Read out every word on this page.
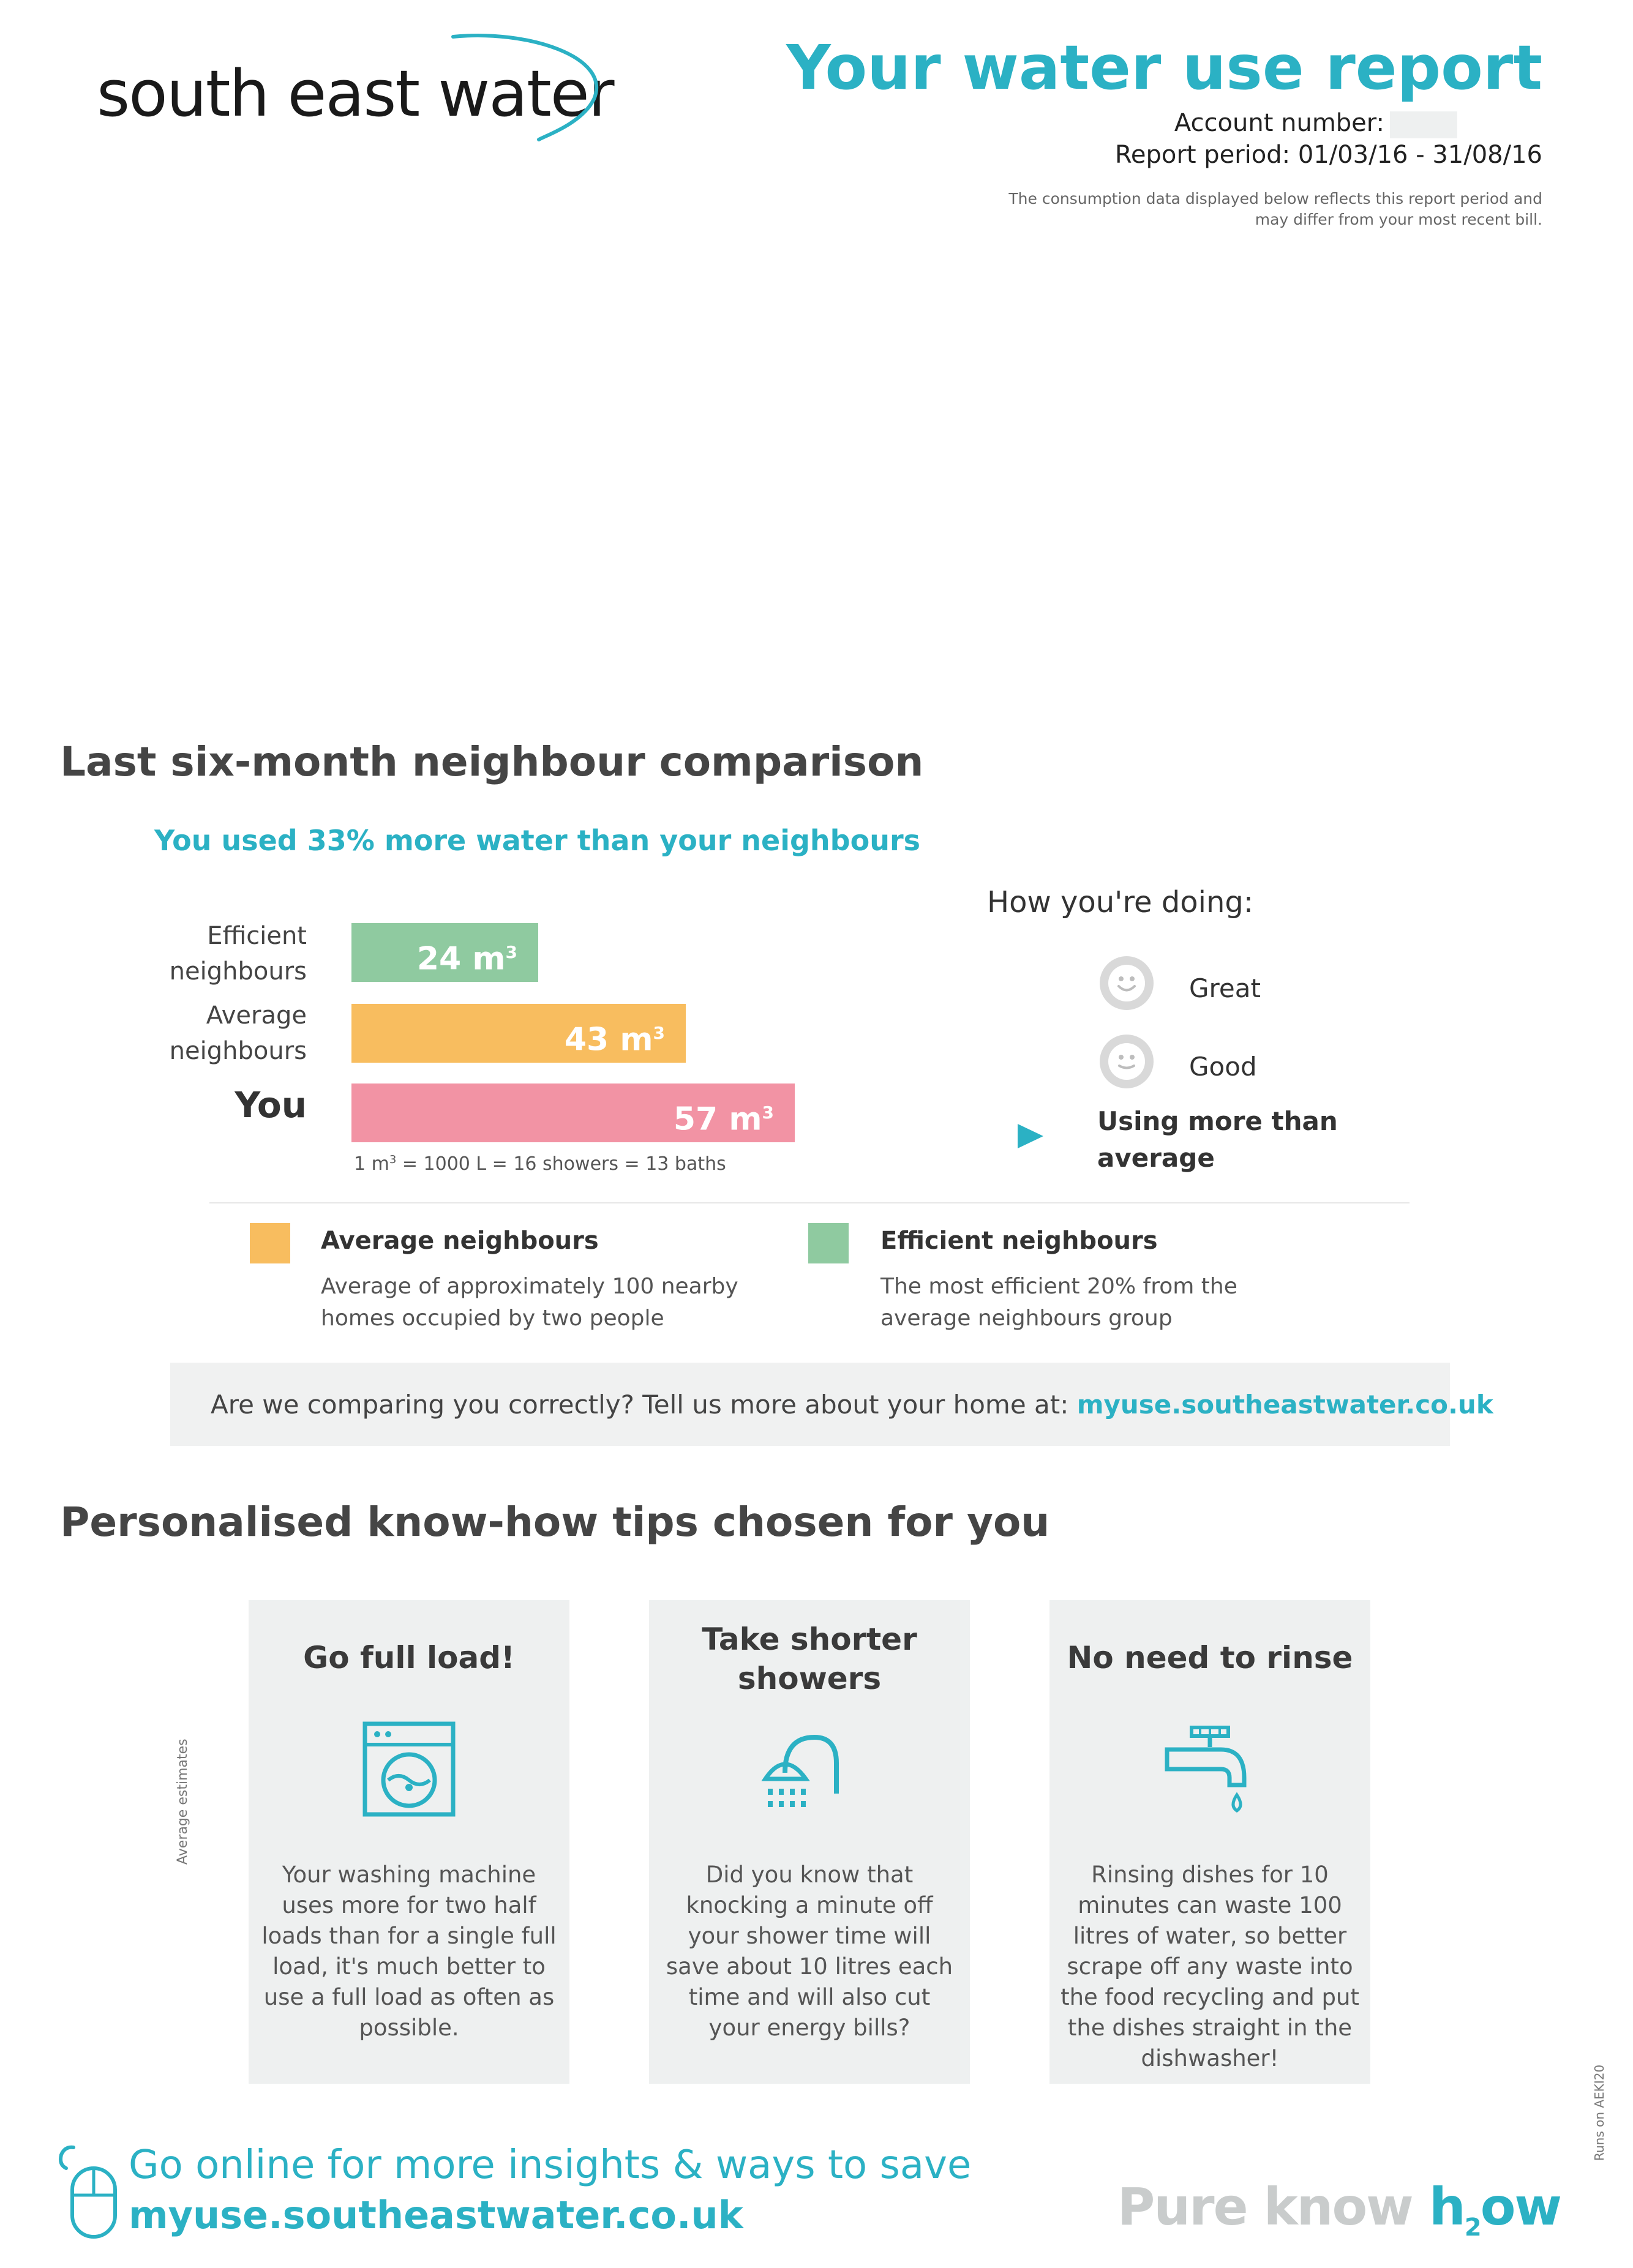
south east water	Your water use report
Account number:
Report period: 01/03/16 - 31/08/16
The consumption data displayed below reflects this report period and may differ from your most recent bill.
Last six-month neighbour comparison
You used 33% more water than your neighbours
Efficient
neighbours
Average
neighbours
You
24 $m^3$
43 $m^3$
57 $m^3$
1 $m^3 = 1000$ L = 16 showers = 13 baths
How you're doing:
Great
Good
Using more than
average
Average neighbours
Average of approximately 100 nearby homes occupied by two people
Efficient neighbours
The most efficient 20% from the average neighbours group
Are we comparing you correctly? Tell us more about your home at: myuse.southeastwater.co.uk
Personalised know-how tips chosen for you
Average estimates
Go full load!
Your washing machine uses more for two half loads than for a single full load, it's much better to use a full load as often as possible.
Take shorter
showers
Did you know that knocking a minute off your shower time will save about 10 litres each time and will also cut your energy bills?
No need to rinse
Rinsing dishes for 10 minutes can waste 100 litres of water, so better scrape off any waste into the food recycling and put the dishes straight in the dishwasher!
Runs on AEKI20
Go online for more insights & ways to save
myuse.southeastwater.co.uk	Pure know $h_2ow$
